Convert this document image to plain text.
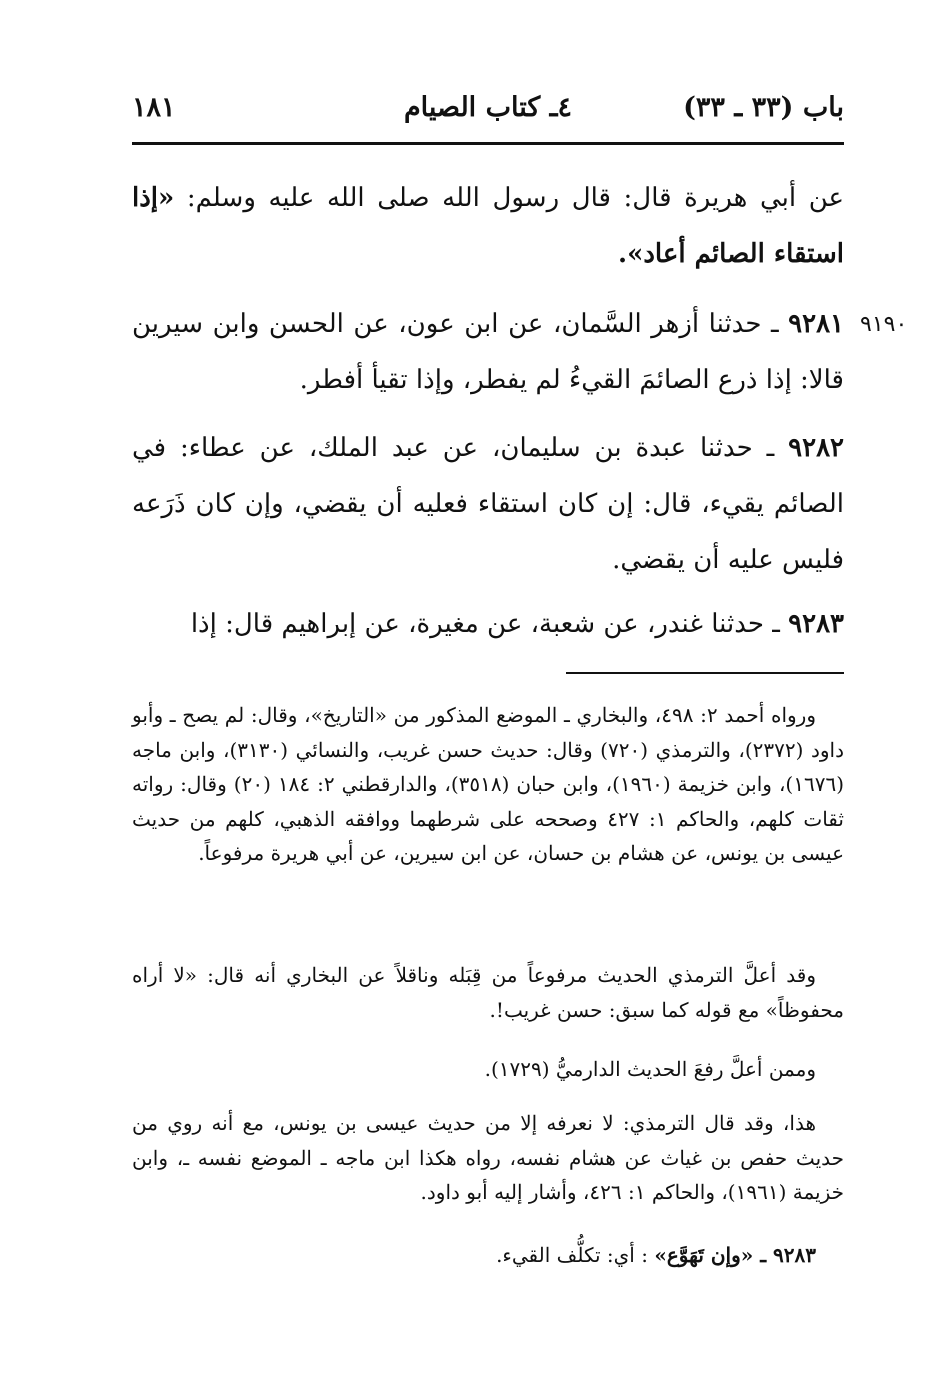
باب (٣٣ ـ ٣٣)
٤ـ كتاب الصيام
١٨١
عن أبي هريرة قال: قال رسول الله صلى الله عليه وسلم: «إذا استقاء الصائم أعاد».
٩١٩٠
٩٢٨١ ـ حدثنا أزهر السَّمان، عن ابن عون، عن الحسن وابن سيرين قالا: إذا ذرع الصائمَ القيءُ لم يفطر، وإذا تقيأ أفطر.
٩٢٨٢ ـ حدثنا عبدة بن سليمان، عن عبد الملك، عن عطاء: في الصائم يقيء، قال: إن كان استقاء فعليه أن يقضي، وإن كان ذَرَعه فليس عليه أن يقضي.
٩٢٨٣ ـ حدثنا غندر، عن شعبة، عن مغيرة، عن إبراهيم قال: إذا
ورواه أحمد ٢: ٤٩٨، والبخاري ـ الموضع المذكور من «التاريخ»، وقال: لم يصح ـ وأبو داود (٢٣٧٢)، والترمذي (٧٢٠) وقال: حديث حسن غريب، والنسائي (٣١٣٠)، وابن ماجه (١٦٧٦)، وابن خزيمة (١٩٦٠)، وابن حبان (٣٥١٨)، والدارقطني ٢: ١٨٤ (٢٠) وقال: رواته ثقات كلهم، والحاكم ١: ٤٢٧ وصححه على شرطهما ووافقه الذهبي، كلهم من حديث عيسى بن يونس، عن هشام بن حسان، عن ابن سيرين، عن أبي هريرة مرفوعاً.
وقد أعلَّ الترمذي الحديث مرفوعاً من قِبَله وناقلاً عن البخاري أنه قال: «لا أراه محفوظاً» مع قوله كما سبق: حسن غريب!.
وممن أعلَّ رفعَ الحديث الدارميُّ (١٧٢٩).
هذا، وقد قال الترمذي: لا نعرفه إلا من حديث عيسى بن يونس، مع أنه روي من حديث حفص بن غياث عن هشام نفسه، رواه هكذا ابن ماجه ـ الموضع نفسه ـ، وابن خزيمة (١٩٦١)، والحاكم ١: ٤٢٦، وأشار إليه أبو داود.
٩٢٨٣ ـ «وإن تَهَوَّع» : أي: تكلُّف القيء.
